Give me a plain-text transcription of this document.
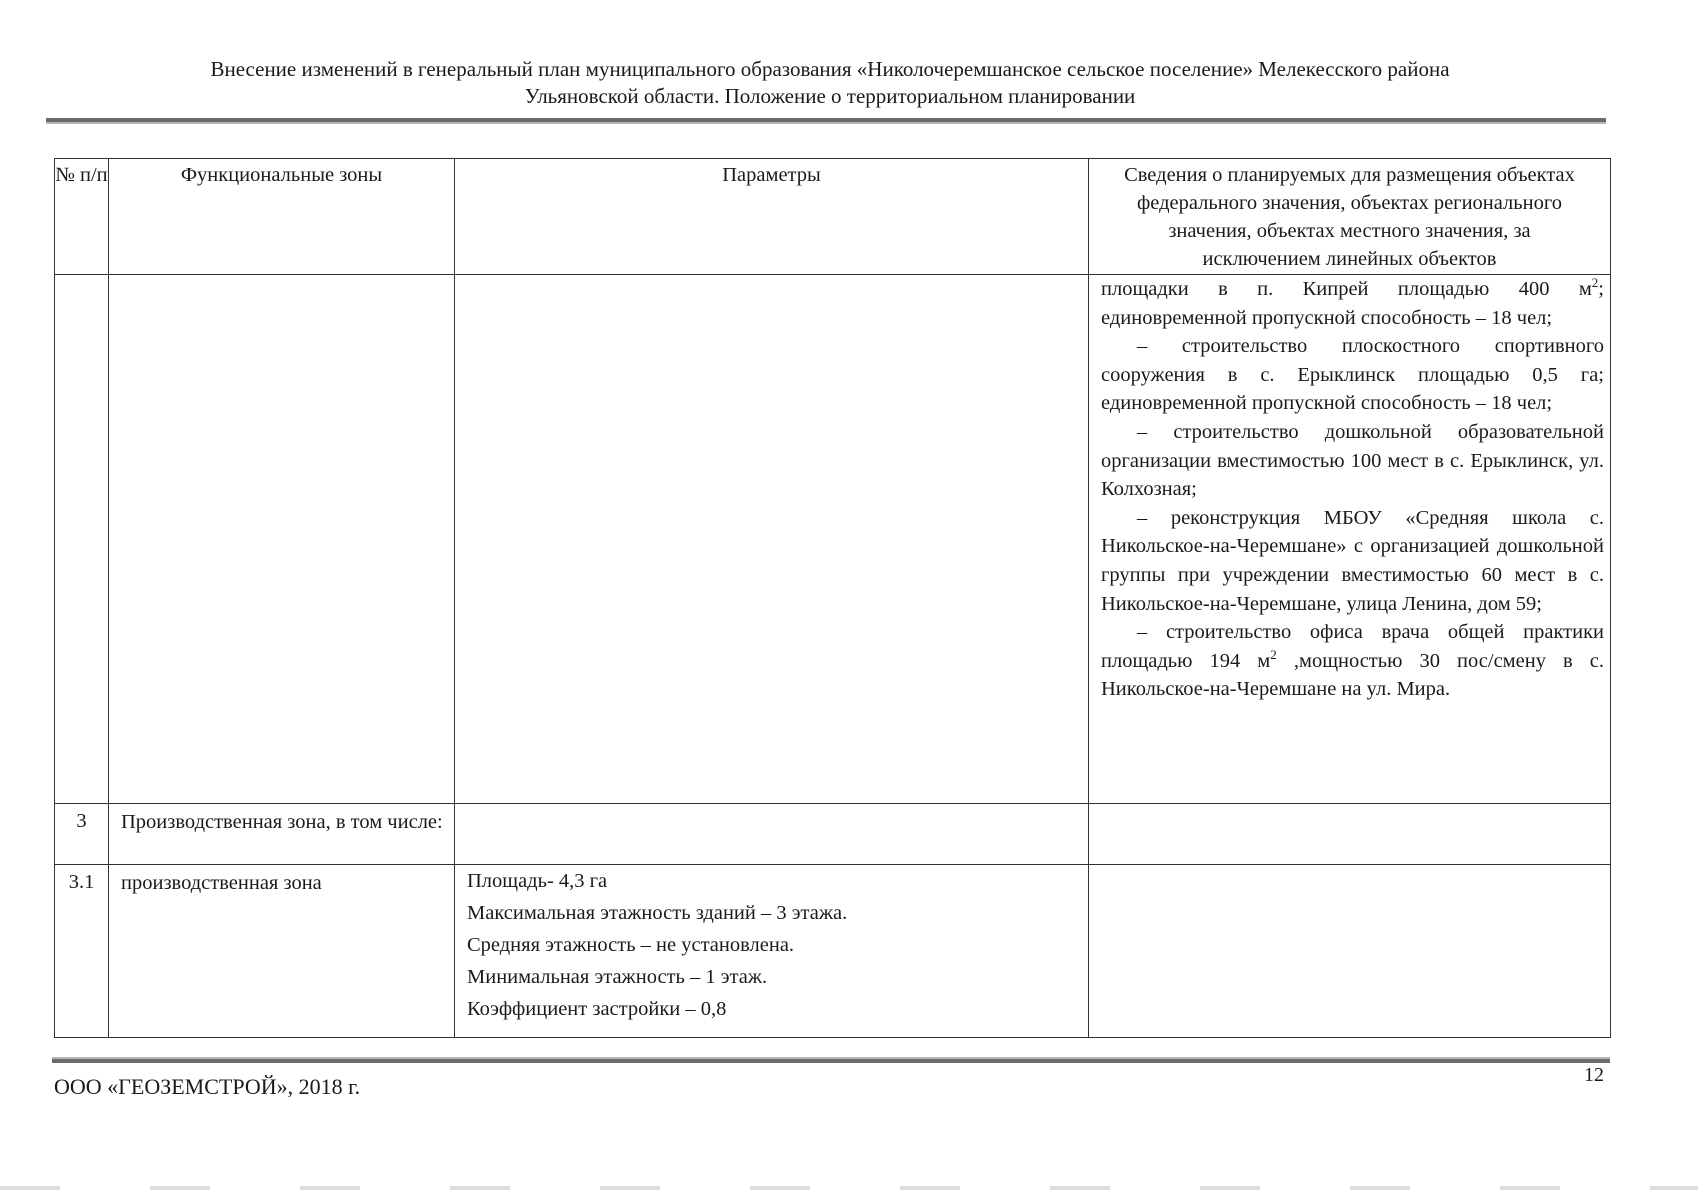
Внесение изменений в генеральный план муниципального образования «Николочеремшанское сельское поселение» Мелекесского района
Ульяновской области. Положение о территориальном планировании
№ п/п	Функциональные зоны	Параметры	Сведения о планируемых для размещения объектах федерального значения, объектах регионального значения, объектах местного значения, за исключением линейных объектов

			площадки в п. Кипрей площадью 400 $м^2$; единовременной пропускной способность – 18 чел;

– строительство плоскостного спортивного сооружения в с. Ерыклинск площадью 0,5 га; единовременной пропускной способность – 18 чел;

– строительство дошкольной образовательной организации вместимостью 100 мест в с. Ерыклинск, ул. Колхозная;

– реконструкция МБОУ «Средняя школа с. Никольское-на-Черемшане» с организацией дошкольной группы при учреждении вместимостью 60 мест в с. Никольское-на-Черемшане, улица Ленина, дом 59;

– строительство офиса врача общей практики площадью 194 $м^2$ ,мощностью 30 пос/смену в с. Никольское-на-Черемшане на ул. Мира.

3	Производственная зона, в том числе:		
3.1	производственная зона	Площадь- 4,3 га

Максимальная этажность зданий – 3 этажа.

Средняя этажность – не установлена.

Минимальная этажность – 1 этаж.

Коэффициент застройки – 0,8	

ООО «ГЕОЗЕМСТРОЙ», 2018 г.	12
